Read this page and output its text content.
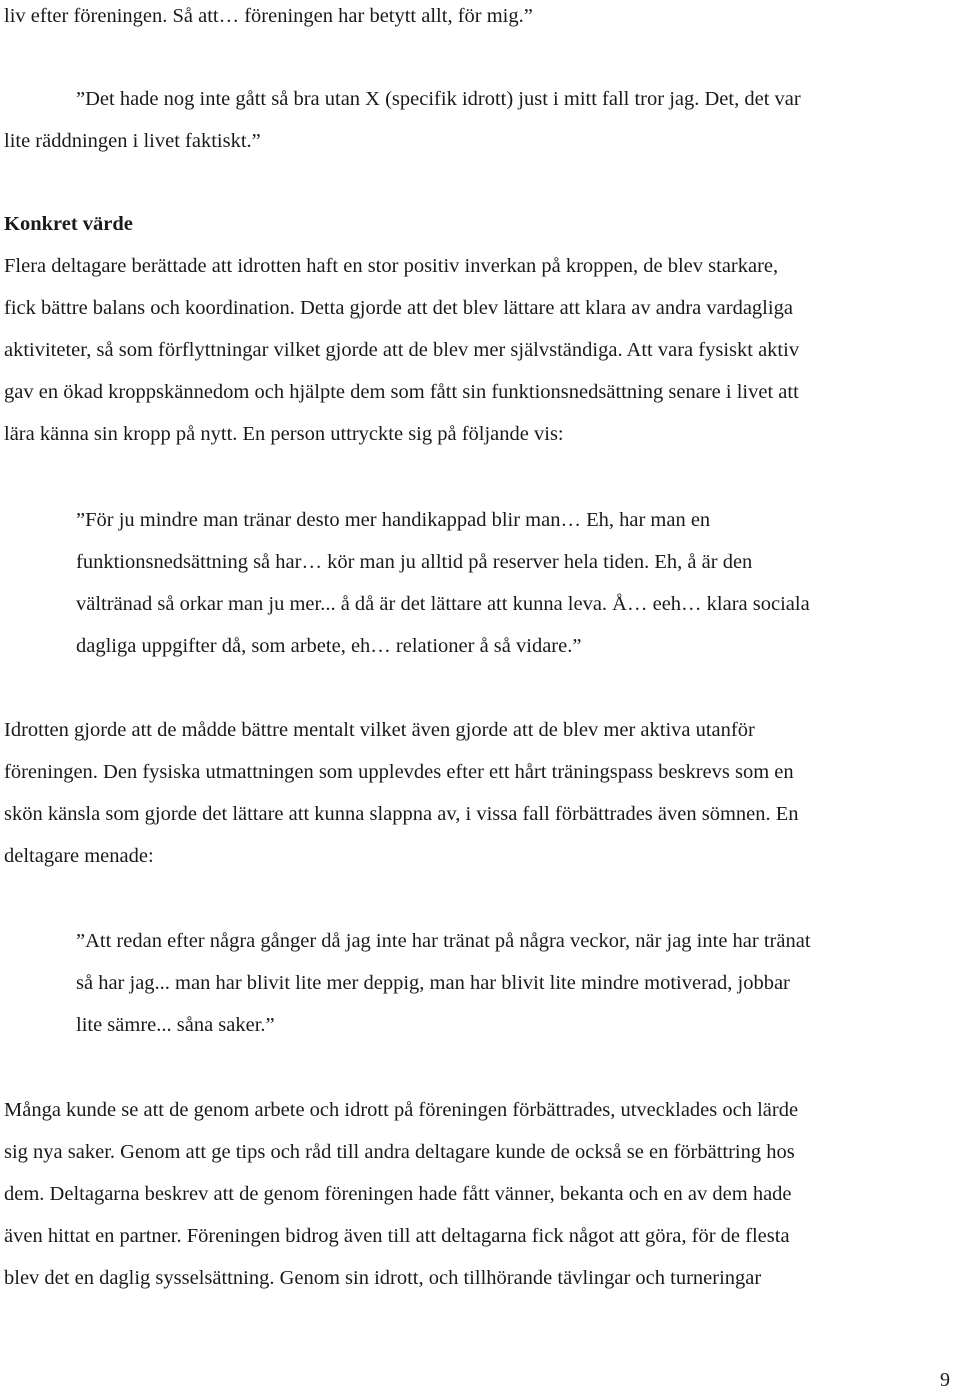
liv efter föreningen. Så att… föreningen har betytt allt, för mig.”
”Det hade nog inte gått så bra utan X (specifik idrott) just i mitt fall tror jag. Det, det var
lite räddningen i livet faktiskt.”
Konkret värde
Flera deltagare berättade att idrotten haft en stor positiv inverkan på kroppen, de blev starkare,
fick bättre balans och koordination. Detta gjorde att det blev lättare att klara av andra vardagliga
aktiviteter, så som förflyttningar vilket gjorde att de blev mer självständiga. Att vara fysiskt aktiv
gav en ökad kroppskännedom och hjälpte dem som fått sin funktionsnedsättning senare i livet att
lära känna sin kropp på nytt. En person uttryckte sig på följande vis:
”För ju mindre man tränar desto mer handikappad blir man… Eh, har man en
funktionsnedsättning så har… kör man ju alltid på reserver hela tiden. Eh, å är den
vältränad så orkar man ju mer... å då är det lättare att kunna leva. Å… eeh… klara sociala
dagliga uppgifter då, som arbete, eh… relationer å så vidare.”
Idrotten gjorde att de mådde bättre mentalt vilket även gjorde att de blev mer aktiva utanför
föreningen. Den fysiska utmattningen som upplevdes efter ett hårt träningspass beskrevs som en
skön känsla som gjorde det lättare att kunna slappna av, i vissa fall förbättrades även sömnen. En
deltagare menade:
”Att redan efter några gånger då jag inte har tränat på några veckor, när jag inte har tränat
så har jag... man har blivit lite mer deppig, man har blivit lite mindre motiverad, jobbar
lite sämre... såna saker.”
Många kunde se att de genom arbete och idrott på föreningen förbättrades, utvecklades och lärde
sig nya saker. Genom att ge tips och råd till andra deltagare kunde de också se en förbättring hos
dem. Deltagarna beskrev att de genom föreningen hade fått vänner, bekanta och en av dem hade
även hittat en partner. Föreningen bidrog även till att deltagarna fick något att göra, för de flesta
blev det en daglig sysselsättning. Genom sin idrott, och tillhörande tävlingar och turneringar
9
